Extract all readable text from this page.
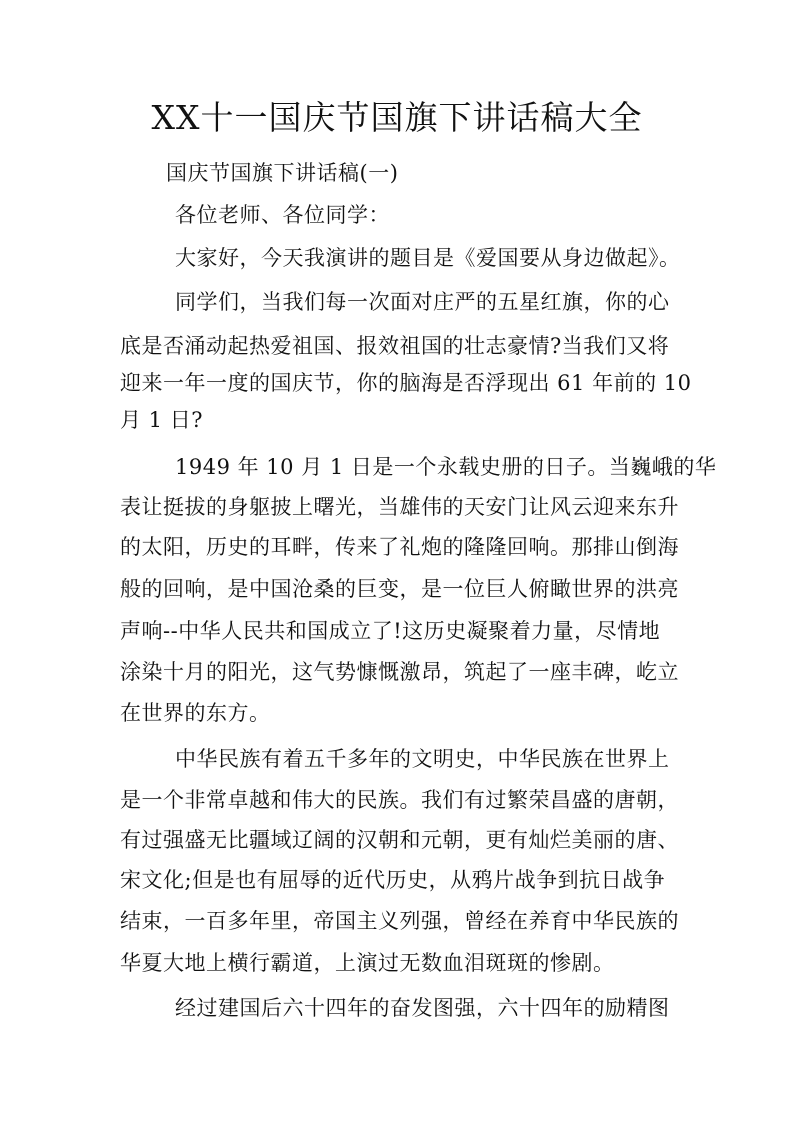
XX十一国庆节国旗下讲话稿大全

国庆节国旗下讲话稿(一)

各位老师、各位同学：

大家好，今天我演讲的题目是《爱国要从身边做起》。

同学们，当我们每一次面对庄严的五星红旗，你的心

底是否涌动起热爱祖国、报效祖国的壮志豪情?当我们又将

迎来一年一度的国庆节，你的脑海是否浮现出 61 年前的 10

月 1 日?

1949 年 10 月 1 日是一个永载史册的日子。当巍峨的华

表让挺拔的身躯披上曙光，当雄伟的天安门让风云迎来东升

的太阳，历史的耳畔，传来了礼炮的隆隆回响。那排山倒海

般的回响，是中国沧桑的巨变，是一位巨人俯瞰世界的洪亮

声响--中华人民共和国成立了!这历史凝聚着力量，尽情地

涂染十月的阳光，这气势慷慨激昂，筑起了一座丰碑，屹立

在世界的东方。

中华民族有着五千多年的文明史，中华民族在世界上

是一个非常卓越和伟大的民族。我们有过繁荣昌盛的唐朝，

有过强盛无比疆域辽阔的汉朝和元朝，更有灿烂美丽的唐、

宋文化;但是也有屈辱的近代历史，从鸦片战争到抗日战争

结束，一百多年里，帝国主义列强，曾经在养育中华民族的

华夏大地上横行霸道，上演过无数血泪斑斑的惨剧。

经过建国后六十四年的奋发图强，六十四年的励精图
